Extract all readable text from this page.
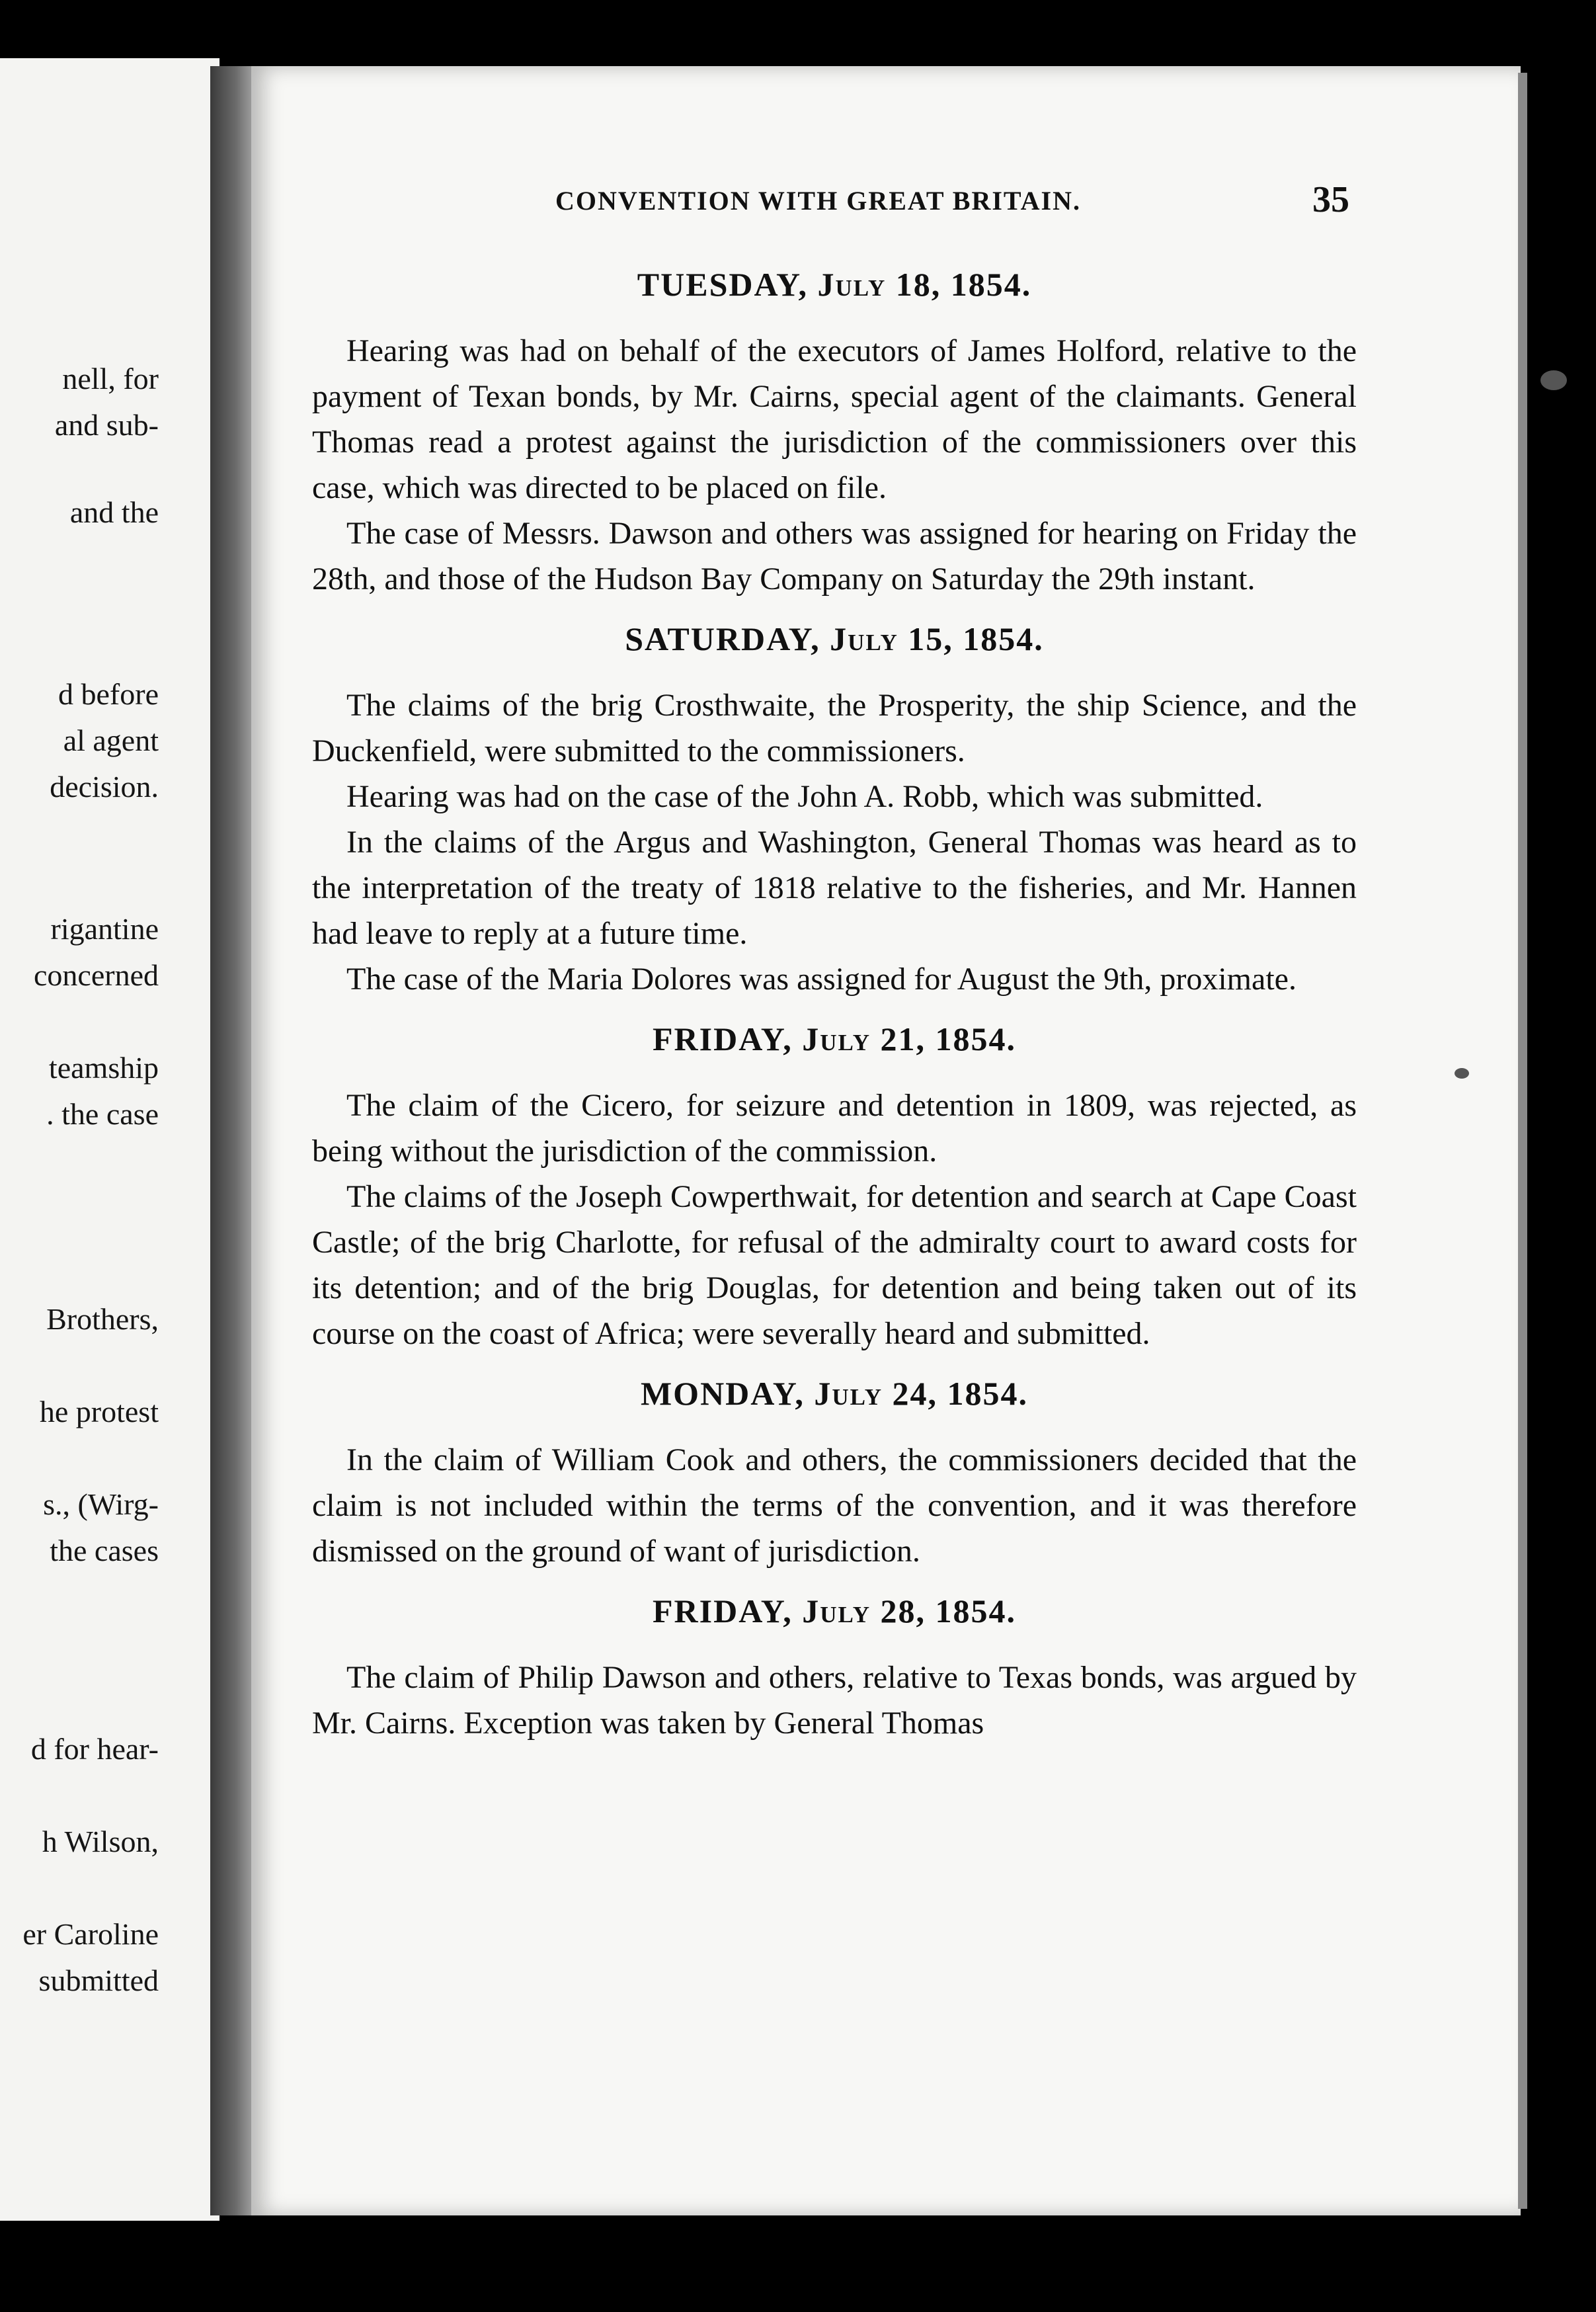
nell, for
and sub-
and the
d before
al agent
decision.
rigantine
concerned
teamship
. the case
Brothers,
he protest
s., (Wirg-
the cases
d for hear-
h Wilson,
er Caroline
submitted
CONVENTION WITH GREAT BRITAIN.	35
TUESDAY, July 18, 1854.

Hearing was had on behalf of the executors of James Holford, relative to the payment of Texan bonds, by Mr. Cairns, special agent of the claimants. General Thomas read a protest against the jurisdiction of the commissioners over this case, which was directed to be placed on file.

The case of Messrs. Dawson and others was assigned for hearing on Friday the 28th, and those of the Hudson Bay Company on Saturday the 29th instant.

SATURDAY, July 15, 1854.

The claims of the brig Crosthwaite, the Prosperity, the ship Science, and the Duckenfield, were submitted to the commissioners.

Hearing was had on the case of the John A. Robb, which was submitted.

In the claims of the Argus and Washington, General Thomas was heard as to the interpretation of the treaty of 1818 relative to the fisheries, and Mr. Hannen had leave to reply at a future time.

The case of the Maria Dolores was assigned for August the 9th, proximate.

FRIDAY, July 21, 1854.

The claim of the Cicero, for seizure and detention in 1809, was rejected, as being without the jurisdiction of the commission.

The claims of the Joseph Cowperthwait, for detention and search at Cape Coast Castle; of the brig Charlotte, for refusal of the admiralty court to award costs for its detention; and of the brig Douglas, for detention and being taken out of its course on the coast of Africa; were severally heard and submitted.

MONDAY, July 24, 1854.

In the claim of William Cook and others, the commissioners decided that the claim is not included within the terms of the convention, and it was therefore dismissed on the ground of want of jurisdiction.

FRIDAY, July 28, 1854.

The claim of Philip Dawson and others, relative to Texas bonds, was argued by Mr. Cairns. Exception was taken by General Thomas
